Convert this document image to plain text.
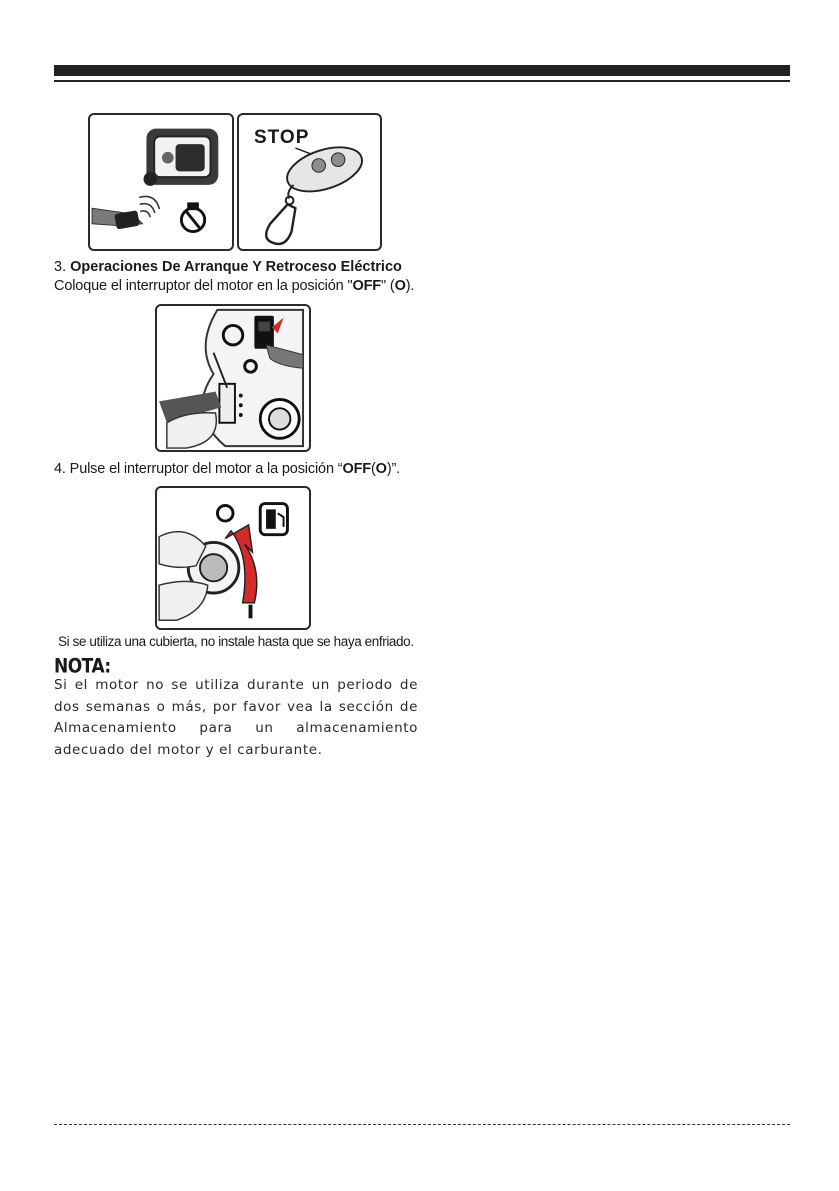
STOP
3. Operaciones De Arranque Y Retroceso Eléctrico
Coloque el interruptor del motor en la posición "OFF" (O).
4. Pulse el interruptor del motor a la posición “OFF(O)”.
Si se utiliza una cubierta, no instale hasta que se haya enfriado.
NOTA:
Si el motor no se utiliza durante un periodo de dos semanas o más, por favor vea la sección de Almacenamiento para un almacenamiento adecuado del motor y el carburante.
